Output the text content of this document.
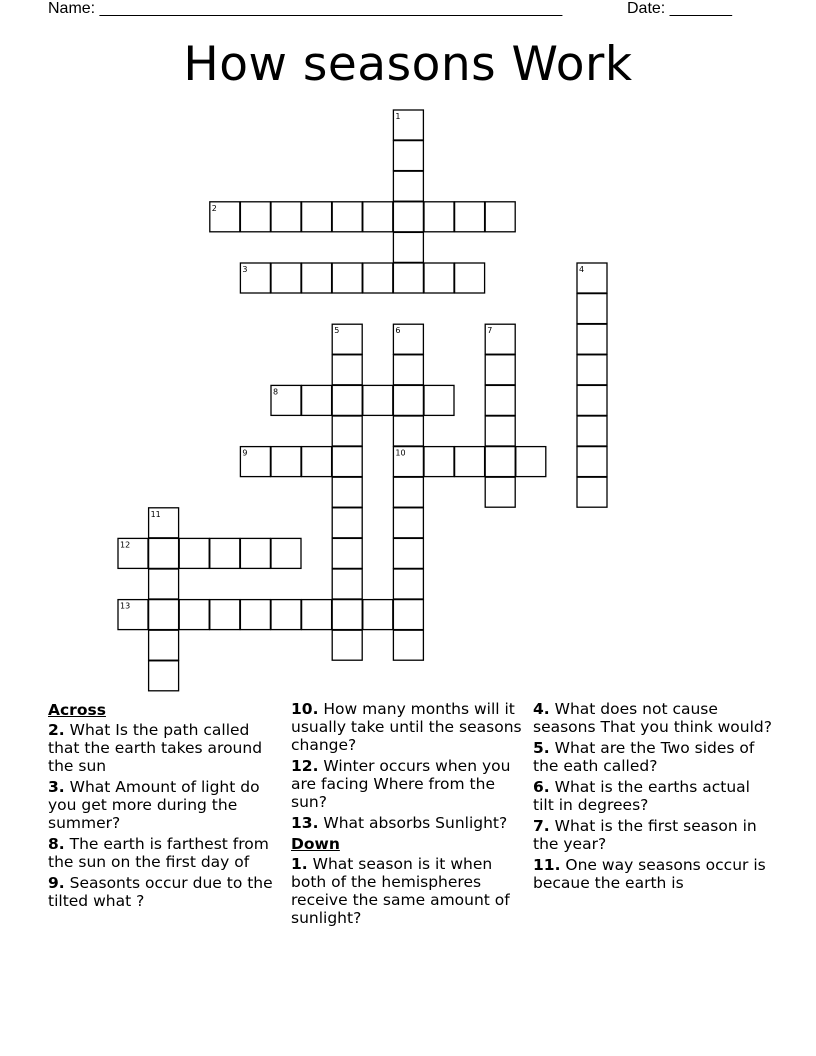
Name: ____________________________________________________	Date: _______
How seasons Work
1
2
3	4
5	6	7
8
9	10
11
12
13
Across
2. What Is the path called that the earth takes around the sun
3. What Amount of light do you get more during the summer?
8. The earth is farthest from the sun on the first day of
9. Seasonts occur due to the tilted what ?
10. How many months will it usually take until the seasons change?
12. Winter occurs when you are facing Where from the sun?
13. What absorbs Sunlight?
Down
1. What season is it when both of the hemispheres receive the same amount of sunlight?
4. What does not cause seasons That you think would?
5. What are the Two sides of the eath called?
6. What is the earths actual tilt in degrees?
7. What is the first season in the year?
11. One way seasons occur is becaue the earth is
